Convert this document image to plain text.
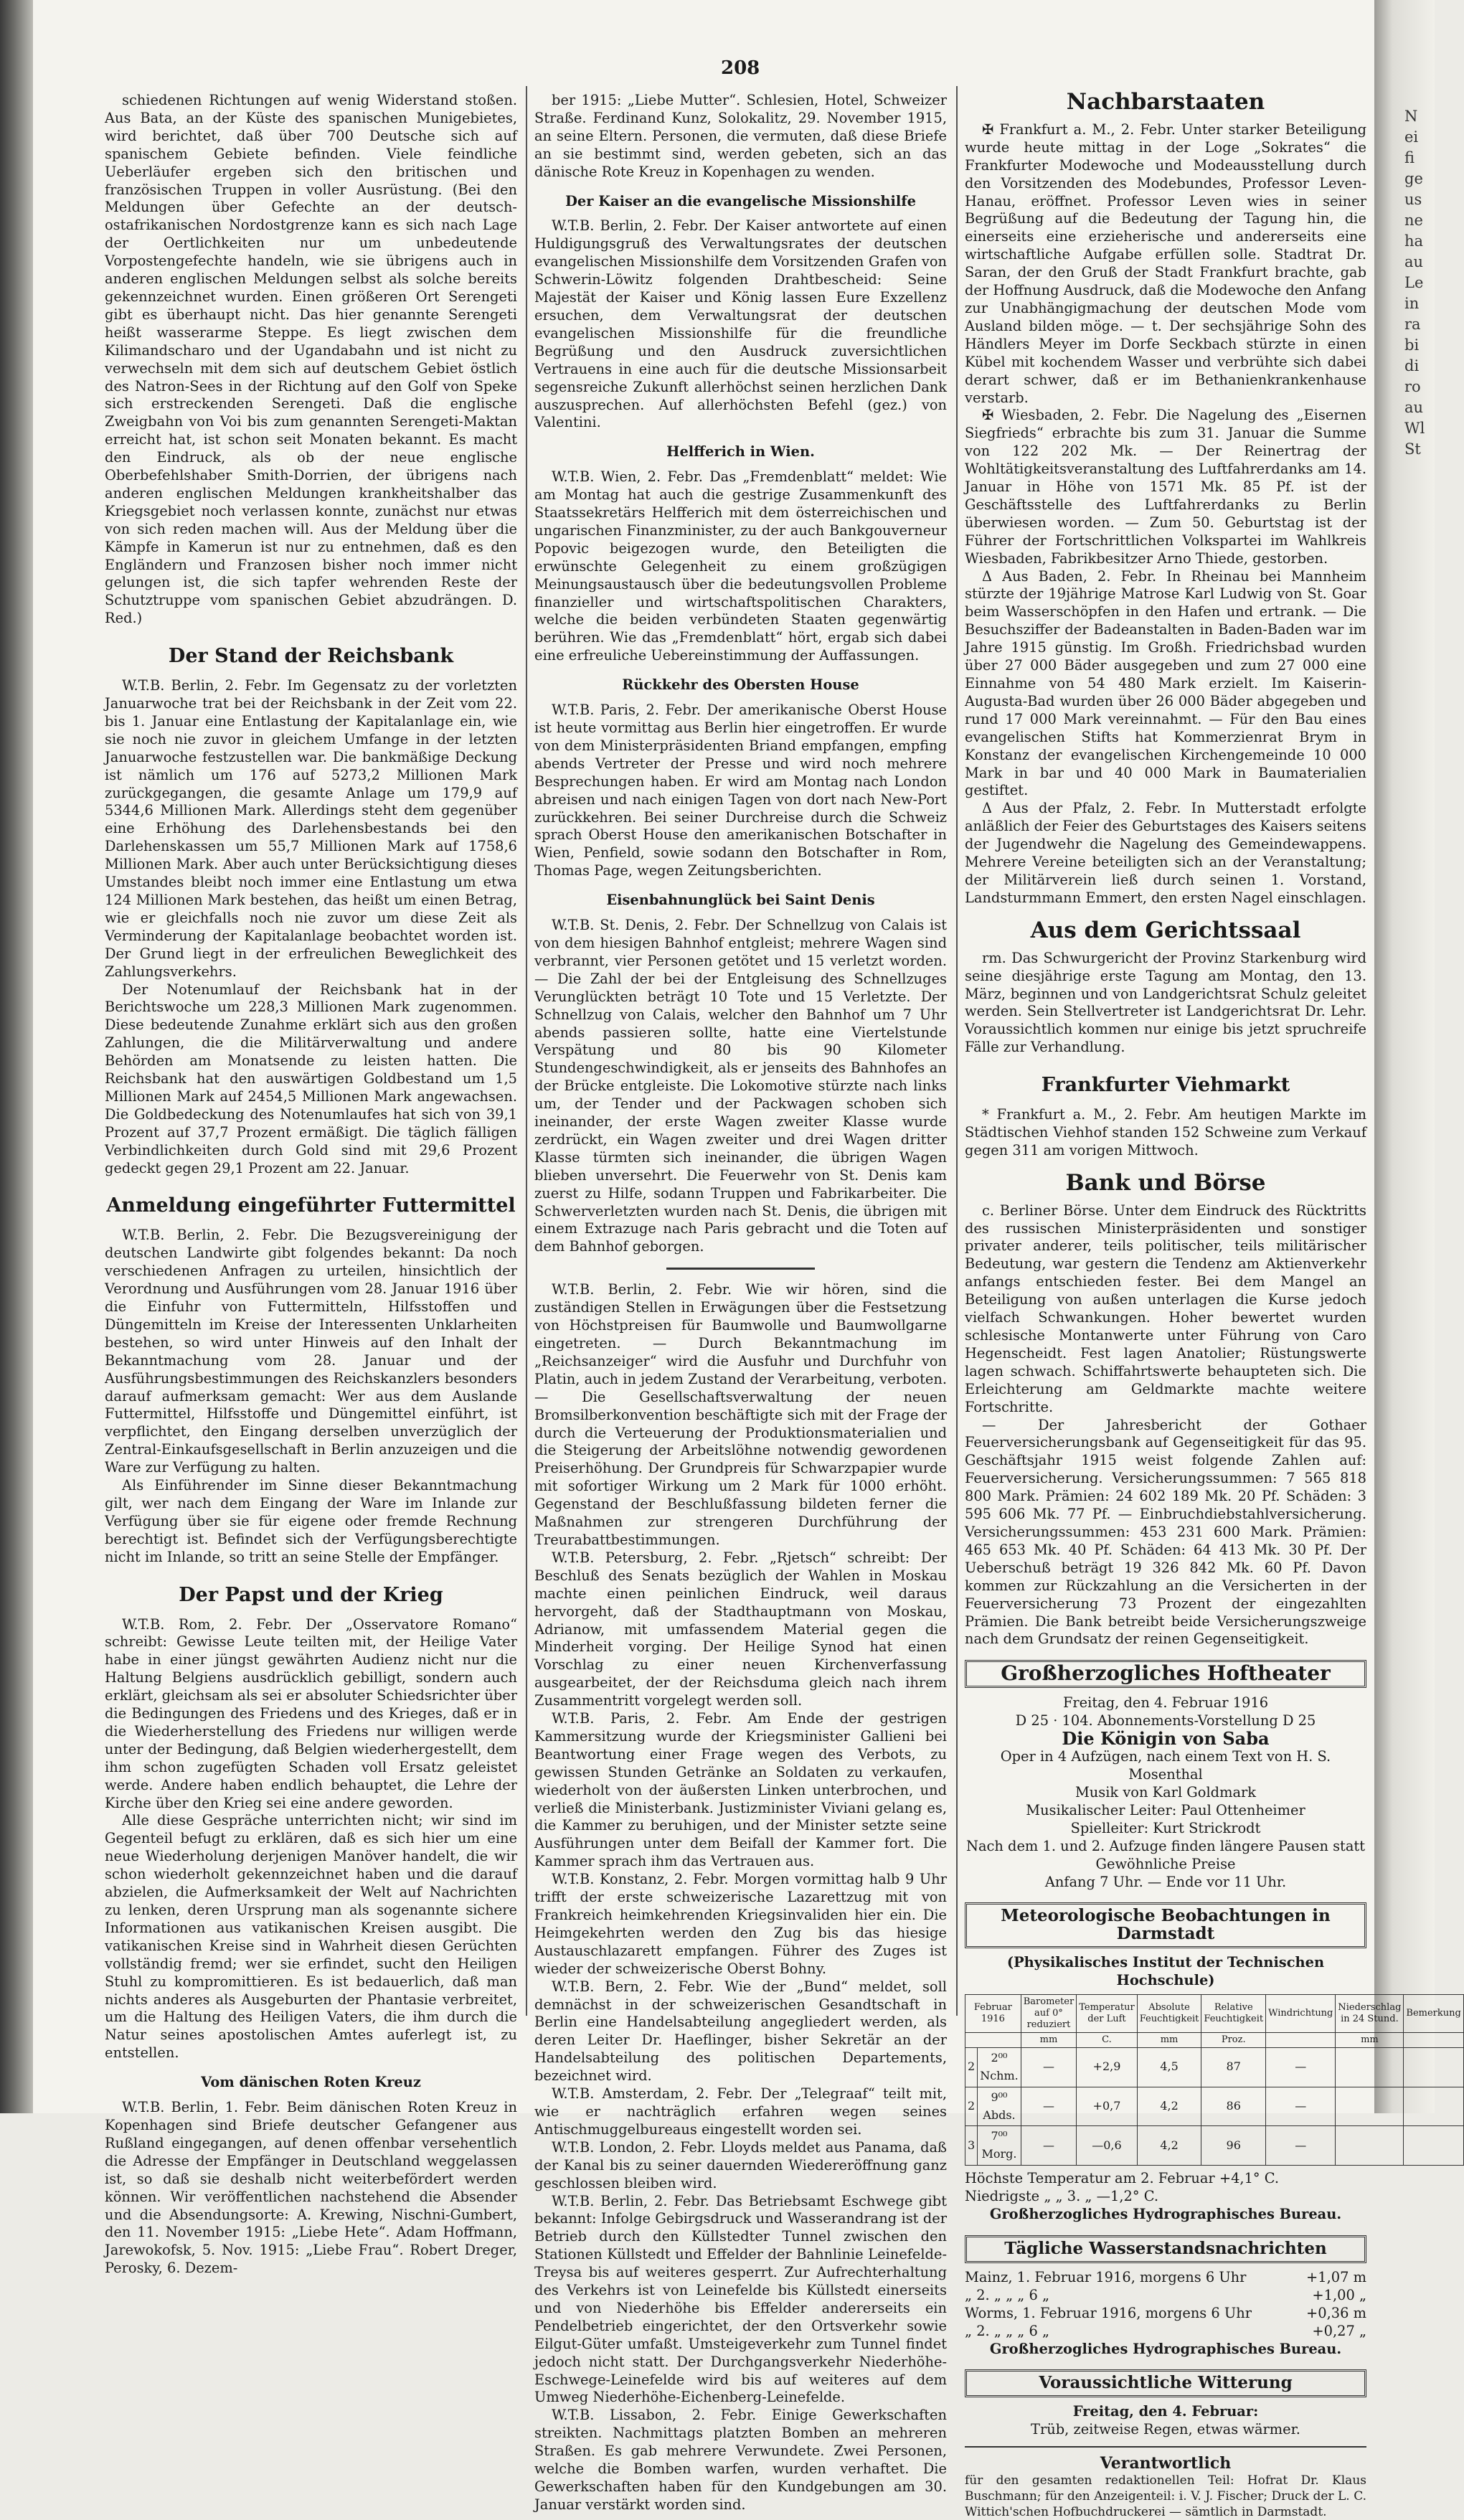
N
ei
fi
ge
us
ne
ha
au
Le
in
ra
bi
di
ro
au
Wl
St
208

schiedenen Richtungen auf wenig Widerstand stoßen. Aus Bata, an der Küste des spanischen Munigebietes, wird berichtet, daß über 700 Deutsche sich auf spanischem Gebiete befinden. Viele feindliche Ueberläufer ergeben sich den britischen und französischen Truppen in voller Ausrüstung. (Bei den Meldungen über Gefechte an der deutsch-ostafrikanischen Nordostgrenze kann es sich nach Lage der Oertlichkeiten nur um unbedeutende Vorpostengefechte handeln, wie sie übrigens auch in anderen englischen Meldungen selbst als solche bereits gekennzeichnet wurden. Einen größeren Ort Serengeti gibt es überhaupt nicht. Das hier genannte Serengeti heißt wasserarme Steppe. Es liegt zwischen dem Kilimandscharo und der Ugandabahn und ist nicht zu verwechseln mit dem sich auf deutschem Gebiet östlich des Natron-Sees in der Richtung auf den Golf von Speke sich erstreckenden Serengeti. Daß die englische Zweigbahn von Voi bis zum genannten Serengeti-Maktan erreicht hat, ist schon seit Monaten bekannt. Es macht den Eindruck, als ob der neue englische Oberbefehlshaber Smith-Dorrien, der übrigens nach anderen englischen Meldungen krankheitshalber das Kriegsgebiet noch verlassen konnte, zunächst nur etwas von sich reden machen will. Aus der Meldung über die Kämpfe in Kamerun ist nur zu entnehmen, daß es den Engländern und Franzosen bisher noch immer nicht gelungen ist, die sich tapfer wehrenden Reste der Schutztruppe vom spanischen Gebiet abzudrängen. D. Red.)

Der Stand der Reichsbank

W.T.B. Berlin, 2. Febr. Im Gegensatz zu der vorletzten Januarwoche trat bei der Reichsbank in der Zeit vom 22. bis 1. Januar eine Entlastung der Kapitalanlage ein, wie sie noch nie zuvor in gleichem Umfange in der letzten Januarwoche festzustellen war. Die bankmäßige Deckung ist nämlich um 176 auf 5273,2 Millionen Mark zurückgegangen, die gesamte Anlage um 179,9 auf 5344,6 Millionen Mark. Allerdings steht dem gegenüber eine Erhöhung des Darlehensbestands bei den Darlehenskassen um 55,7 Millionen Mark auf 1758,6 Millionen Mark. Aber auch unter Berücksichtigung dieses Umstandes bleibt noch immer eine Entlastung um etwa 124 Millionen Mark bestehen, das heißt um einen Betrag, wie er gleichfalls noch nie zuvor um diese Zeit als Verminderung der Kapitalanlage beobachtet worden ist. Der Grund liegt in der erfreulichen Beweglichkeit des Zahlungsverkehrs.

Der Notenumlauf der Reichsbank hat in der Berichtswoche um 228,3 Millionen Mark zugenommen. Diese bedeutende Zunahme erklärt sich aus den großen Zahlungen, die die Militärverwaltung und andere Behörden am Monatsende zu leisten hatten. Die Reichsbank hat den auswärtigen Goldbestand um 1,5 Millionen Mark auf 2454,5 Millionen Mark angewachsen. Die Goldbedeckung des Notenumlaufes hat sich von 39,1 Prozent auf 37,7 Prozent ermäßigt. Die täglich fälligen Verbindlichkeiten durch Gold sind mit 29,6 Prozent gedeckt gegen 29,1 Prozent am 22. Januar.

Anmeldung eingeführter Futtermittel

W.T.B. Berlin, 2. Febr. Die Bezugsvereinigung der deutschen Landwirte gibt folgendes bekannt: Da noch verschiedenen Anfragen zu urteilen, hinsichtlich der Verordnung und Ausführungen vom 28. Januar 1916 über die Einfuhr von Futtermitteln, Hilfsstoffen und Düngemitteln im Kreise der Interessenten Unklarheiten bestehen, so wird unter Hinweis auf den Inhalt der Bekanntmachung vom 28. Januar und der Ausführungsbestimmungen des Reichskanzlers besonders darauf aufmerksam gemacht: Wer aus dem Auslande Futtermittel, Hilfsstoffe und Düngemittel einführt, ist verpflichtet, den Eingang derselben unverzüglich der Zentral-Einkaufsgesellschaft in Berlin anzuzeigen und die Ware zur Verfügung zu halten.

Als Einführender im Sinne dieser Bekanntmachung gilt, wer nach dem Eingang der Ware im Inlande zur Verfügung über sie für eigene oder fremde Rechnung berechtigt ist. Befindet sich der Verfügungsberechtigte nicht im Inlande, so tritt an seine Stelle der Empfänger.

Der Papst und der Krieg

W.T.B. Rom, 2. Febr. Der „Osservatore Romano“ schreibt: Gewisse Leute teilten mit, der Heilige Vater habe in einer jüngst gewährten Audienz nicht nur die Haltung Belgiens ausdrücklich gebilligt, sondern auch erklärt, gleichsam als sei er absoluter Schiedsrichter über die Bedingungen des Friedens und des Krieges, daß er in die Wiederherstellung des Friedens nur willigen werde unter der Bedingung, daß Belgien wiederhergestellt, dem ihm schon zugefügten Schaden voll Ersatz geleistet werde. Andere haben endlich behauptet, die Lehre der Kirche über den Krieg sei eine andere geworden.

Alle diese Gespräche unterrichten nicht; wir sind im Gegenteil befugt zu erklären, daß es sich hier um eine neue Wiederholung derjenigen Manöver handelt, die wir schon wiederholt gekennzeichnet haben und die darauf abzielen, die Aufmerksamkeit der Welt auf Nachrichten zu lenken, deren Ursprung man als sogenannte sichere Informationen aus vatikanischen Kreisen ausgibt. Die vatikanischen Kreise sind in Wahrheit diesen Gerüchten vollständig fremd; wer sie erfindet, sucht den Heiligen Stuhl zu kompromittieren. Es ist bedauerlich, daß man nichts anderes als Ausgeburten der Phantasie verbreitet, um die Haltung des Heiligen Vaters, die ihm durch die Natur seines apostolischen Amtes auferlegt ist, zu entstellen.

Vom dänischen Roten Kreuz

W.T.B. Berlin, 1. Febr. Beim dänischen Roten Kreuz in Kopenhagen sind Briefe deutscher Gefangener aus Rußland eingegangen, auf denen offenbar versehentlich die Adresse der Empfänger in Deutschland weggelassen ist, so daß sie deshalb nicht weiterbefördert werden können. Wir veröffentlichen nachstehend die Absender und die Absendungsorte: A. Krewing, Nischni-Gumbert, den 11. November 1915: „Liebe Hete“. Adam Hoffmann, Jarewokofsk, 5. Nov. 1915: „Liebe Frau“. Robert Dreger, Perosky, 6. Dezem-

ber 1915: „Liebe Mutter“. Schlesien, Hotel, Schweizer Straße. Ferdinand Kunz, Solokalitz, 29. November 1915, an seine Eltern. Personen, die vermuten, daß diese Briefe an sie bestimmt sind, werden gebeten, sich an das dänische Rote Kreuz in Kopenhagen zu wenden.

Der Kaiser an die evangelische Missionshilfe

W.T.B. Berlin, 2. Febr. Der Kaiser antwortete auf einen Huldigungsgruß des Verwaltungsrates der deutschen evangelischen Missionshilfe dem Vorsitzenden Grafen von Schwerin-Löwitz folgenden Drahtbescheid: Seine Majestät der Kaiser und König lassen Eure Exzellenz ersuchen, dem Verwaltungsrat der deutschen evangelischen Missionshilfe für die freundliche Begrüßung und den Ausdruck zuversichtlichen Vertrauens in eine auch für die deutsche Missionsarbeit segensreiche Zukunft allerhöchst seinen herzlichen Dank auszusprechen. Auf allerhöchsten Befehl (gez.) von Valentini.

Helfferich in Wien.

W.T.B. Wien, 2. Febr. Das „Fremdenblatt“ meldet: Wie am Montag hat auch die gestrige Zusammenkunft des Staatssekretärs Helfferich mit dem österreichischen und ungarischen Finanzminister, zu der auch Bankgouverneur Popovic beigezogen wurde, den Beteiligten die erwünschte Gelegenheit zu einem großzügigen Meinungsaustausch über die bedeutungsvollen Probleme finanzieller und wirtschaftspolitischen Charakters, welche die beiden verbündeten Staaten gegenwärtig berühren. Wie das „Fremdenblatt“ hört, ergab sich dabei eine erfreuliche Uebereinstimmung der Auffassungen.

Rückkehr des Obersten House

W.T.B. Paris, 2. Febr. Der amerikanische Oberst House ist heute vormittag aus Berlin hier eingetroffen. Er wurde von dem Ministerpräsidenten Briand empfangen, empfing abends Vertreter der Presse und wird noch mehrere Besprechungen haben. Er wird am Montag nach London abreisen und nach einigen Tagen von dort nach New-Port zurückkehren. Bei seiner Durchreise durch die Schweiz sprach Oberst House den amerikanischen Botschafter in Wien, Penfield, sowie sodann den Botschafter in Rom, Thomas Page, wegen Zeitungsberichten.

Eisenbahnunglück bei Saint Denis

W.T.B. St. Denis, 2. Febr. Der Schnellzug von Calais ist von dem hiesigen Bahnhof entgleist; mehrere Wagen sind verbrannt, vier Personen getötet und 15 verletzt worden. — Die Zahl der bei der Entgleisung des Schnellzuges Verunglückten beträgt 10 Tote und 15 Verletzte. Der Schnellzug von Calais, welcher den Bahnhof um 7 Uhr abends passieren sollte, hatte eine Viertelstunde Verspätung und 80 bis 90 Kilometer Stundengeschwindigkeit, als er jenseits des Bahnhofes an der Brücke entgleiste. Die Lokomotive stürzte nach links um, der Tender und der Packwagen schoben sich ineinander, der erste Wagen zweiter Klasse wurde zerdrückt, ein Wagen zweiter und drei Wagen dritter Klasse türmten sich ineinander, die übrigen Wagen blieben unversehrt. Die Feuerwehr von St. Denis kam zuerst zu Hilfe, sodann Truppen und Fabrikarbeiter. Die Schwerverletzten wurden nach St. Denis, die übrigen mit einem Extrazuge nach Paris gebracht und die Toten auf dem Bahnhof geborgen.

W.T.B. Berlin, 2. Febr. Wie wir hören, sind die zuständigen Stellen in Erwägungen über die Festsetzung von Höchstpreisen für Baumwolle und Baumwollgarne eingetreten. — Durch Bekanntmachung im „Reichsanzeiger“ wird die Ausfuhr und Durchfuhr von Platin, auch in jedem Zustand der Verarbeitung, verboten. — Die Gesellschaftsverwaltung der neuen Bromsilberkonvention beschäftigte sich mit der Frage der durch die Verteuerung der Produktionsmaterialien und die Steigerung der Arbeitslöhne notwendig gewordenen Preiserhöhung. Der Grundpreis für Schwarzpapier wurde mit sofortiger Wirkung um 2 Mark für 1000 erhöht. Gegenstand der Beschlußfassung bildeten ferner die Maßnahmen zur strengeren Durchführung der Treurabattbestimmungen.

W.T.B. Petersburg, 2. Febr. „Rjetsch“ schreibt: Der Beschluß des Senats bezüglich der Wahlen in Moskau machte einen peinlichen Eindruck, weil daraus hervorgeht, daß der Stadthauptmann von Moskau, Adrianow, mit umfassendem Material gegen die Minderheit vorging. Der Heilige Synod hat einen Vorschlag zu einer neuen Kirchenverfassung ausgearbeitet, der der Reichsduma gleich nach ihrem Zusammentritt vorgelegt werden soll.

W.T.B. Paris, 2. Febr. Am Ende der gestrigen Kammersitzung wurde der Kriegsminister Gallieni bei Beantwortung einer Frage wegen des Verbots, zu gewissen Stunden Getränke an Soldaten zu verkaufen, wiederholt von der äußersten Linken unterbrochen, und verließ die Ministerbank. Justizminister Viviani gelang es, die Kammer zu beruhigen, und der Minister setzte seine Ausführungen unter dem Beifall der Kammer fort. Die Kammer sprach ihm das Vertrauen aus.

W.T.B. Konstanz, 2. Febr. Morgen vormittag halb 9 Uhr trifft der erste schweizerische Lazarettzug mit von Frankreich heimkehrenden Kriegsinvaliden hier ein. Die Heimgekehrten werden den Zug bis das hiesige Austauschlazarett empfangen. Führer des Zuges ist wieder der schweizerische Oberst Bohny.

W.T.B. Bern, 2. Febr. Wie der „Bund“ meldet, soll demnächst in der schweizerischen Gesandtschaft in Berlin eine Handelsabteilung angegliedert werden, als deren Leiter Dr. Haeflinger, bisher Sekretär an der Handelsabteilung des politischen Departements, bezeichnet wird.

W.T.B. Amsterdam, 2. Febr. Der „Telegraaf“ teilt mit, wie er nachträglich erfahren wegen seines Antischmuggelbureaus eingestellt worden sei.

W.T.B. London, 2. Febr. Lloyds meldet aus Panama, daß der Kanal bis zu seiner dauernden Wiedereröffnung ganz geschlossen bleiben wird.

W.T.B. Berlin, 2. Febr. Das Betriebsamt Eschwege gibt bekannt: Infolge Gebirgsdruck und Wasserandrang ist der Betrieb durch den Küllstedter Tunnel zwischen den Stationen Küllstedt und Effelder der Bahnlinie Leinefelde-Treysa bis auf weiteres gesperrt. Zur Aufrechterhaltung des Verkehrs ist von Leinefelde bis Küllstedt einerseits und von Niederhöhe bis Effelder andererseits ein Pendelbetrieb eingerichtet, der den Ortsverkehr sowie Eilgut-Güter umfaßt. Umsteigeverkehr zum Tunnel findet jedoch nicht statt. Der Durchgangsverkehr Niederhöhe-Eschwege-Leinefelde wird bis auf weiteres auf dem Umweg Niederhöhe-Eichenberg-Leinefelde.

W.T.B. Lissabon, 2. Febr. Einige Gewerkschaften streikten. Nachmittags platzten Bomben an mehreren Straßen. Es gab mehrere Verwundete. Zwei Personen, welche die Bomben warfen, wurden verhaftet. Die Gewerkschaften haben für den Kundgebungen am 30. Januar verstärkt worden sind.

Nachbarstaaten

✠ Frankfurt a. M., 2. Febr. Unter starker Beteiligung wurde heute mittag in der Loge „Sokrates“ die Frankfurter Modewoche und Modeausstellung durch den Vorsitzenden des Modebundes, Professor Leven-Hanau, eröffnet. Professor Leven wies in seiner Begrüßung auf die Bedeutung der Tagung hin, die einerseits eine erzieherische und andererseits eine wirtschaftliche Aufgabe erfüllen solle. Stadtrat Dr. Saran, der den Gruß der Stadt Frankfurt brachte, gab der Hoffnung Ausdruck, daß die Modewoche den Anfang zur Unabhängigmachung der deutschen Mode vom Ausland bilden möge. — t. Der sechsjährige Sohn des Händlers Meyer im Dorfe Seckbach stürzte in einen Kübel mit kochendem Wasser und verbrühte sich dabei derart schwer, daß er im Bethanienkrankenhause verstarb.

✠ Wiesbaden, 2. Febr. Die Nagelung des „Eisernen Siegfrieds“ erbrachte bis zum 31. Januar die Summe von 122 202 Mk. — Der Reinertrag der Wohltätigkeitsveranstaltung des Luftfahrerdanks am 14. Januar in Höhe von 1571 Mk. 85 Pf. ist der Geschäftsstelle des Luftfahrerdanks zu Berlin überwiesen worden. — Zum 50. Geburtstag ist der Führer der Fortschrittlichen Volkspartei im Wahlkreis Wiesbaden, Fabrikbesitzer Arno Thiede, gestorben.

Δ Aus Baden, 2. Febr. In Rheinau bei Mannheim stürzte der 19jährige Matrose Karl Ludwig von St. Goar beim Wasserschöpfen in den Hafen und ertrank. — Die Besuchsziffer der Badeanstalten in Baden-Baden war im Jahre 1915 günstig. Im Großh. Friedrichsbad wurden über 27 000 Bäder ausgegeben und zum 27 000 eine Einnahme von 54 480 Mark erzielt. Im Kaiserin-Augusta-Bad wurden über 26 000 Bäder abgegeben und rund 17 000 Mark vereinnahmt. — Für den Bau eines evangelischen Stifts hat Kommerzienrat Brym in Konstanz der evangelischen Kirchengemeinde 10 000 Mark in bar und 40 000 Mark in Baumaterialien gestiftet.

Δ Aus der Pfalz, 2. Febr. In Mutterstadt erfolgte anläßlich der Feier des Geburtstages des Kaisers seitens der Jugendwehr die Nagelung des Gemeindewappens. Mehrere Vereine beteiligten sich an der Veranstaltung; der Militärverein ließ durch seinen 1. Vorstand, Landsturmmann Emmert, den ersten Nagel einschlagen.

Aus dem Gerichtssaal

rm. Das Schwurgericht der Provinz Starkenburg wird seine diesjährige erste Tagung am Montag, den 13. März, beginnen und von Landgerichtsrat Schulz geleitet werden. Sein Stellvertreter ist Landgerichtsrat Dr. Lehr. Voraussichtlich kommen nur einige bis jetzt spruchreife Fälle zur Verhandlung.

Frankfurter Viehmarkt

* Frankfurt a. M., 2. Febr. Am heutigen Markte im Städtischen Viehhof standen 152 Schweine zum Verkauf gegen 311 am vorigen Mittwoch.

Bank und Börse

c. Berliner Börse. Unter dem Eindruck des Rücktritts des russischen Ministerpräsidenten und sonstiger privater anderer, teils politischer, teils militärischer Bedeutung, war gestern die Tendenz am Aktienverkehr anfangs entschieden fester. Bei dem Mangel an Beteiligung von außen unterlagen die Kurse jedoch vielfach Schwankungen. Hoher bewertet wurden schlesische Montanwerte unter Führung von Caro Hegenscheidt. Fest lagen Anatolier; Rüstungswerte lagen schwach. Schiffahrtswerte behaupteten sich. Die Erleichterung am Geldmarkte machte weitere Fortschritte.

— Der Jahresbericht der Gothaer Feuerversicherungsbank auf Gegenseitigkeit für das 95. Geschäftsjahr 1915 weist folgende Zahlen auf: Feuerversicherung. Versicherungssummen: 7 565 818 800 Mark. Prämien: 24 602 189 Mk. 20 Pf. Schäden: 3 595 606 Mk. 77 Pf. — Einbruchdiebstahlversicherung. Versicherungssummen: 453 231 600 Mark. Prämien: 465 653 Mk. 40 Pf. Schäden: 64 413 Mk. 30 Pf. Der Ueberschuß beträgt 19 326 842 Mk. 60 Pf. Davon kommen zur Rückzahlung an die Versicherten in der Feuerversicherung 73 Prozent der eingezahlten Prämien. Die Bank betreibt beide Versicherungszweige nach dem Grundsatz der reinen Gegenseitigkeit.

Großherzogliches Hoftheater
Freitag, den 4. Februar 1916
D 25 · 104. Abonnements-Vorstellung D 25
Die Königin von Saba
Oper in 4 Aufzügen, nach einem Text von H. S. Mosenthal
Musik von Karl Goldmark
Musikalischer Leiter: Paul Ottenheimer
Spielleiter: Kurt Strickrodt
Nach dem 1. und 2. Aufzuge finden längere Pausen statt
Gewöhnliche Preise
Anfang 7 Uhr. — Ende vor 11 Uhr.
Meteorologische Beobachtungen in Darmstadt
(Physikalisches Institut der Technischen Hochschule)
Februar 1916		Barometer auf 0° reduziert	Temperatur der Luft	Absolute Feuchtigkeit	Relative Feuchtigkeit	Windrichtung	Niederschlag in 24 Stund.	Bemerkung
		mm	C.	mm	Proz.		mm	
2	2⁰⁰ Nchm.	—	+2,9	4,5	87	—		
2	9⁰⁰ Abds.	—	+0,7	4,2	86	—		
3	7⁰⁰ Morg.	—	—0,6	4,2	96	—		
Höchste Temperatur am 2. Februar +4,1° C.
Niedrigste „ „ 3. „ —1,2° C.
Großherzogliches Hydrographisches Bureau.
Tägliche Wasserstandsnachrichten
Mainz, 1. Februar 1916, morgens 6 Uhr	+1,07 m
„ 2. „ „ „ 6 „	+1,00 „
Worms, 1. Februar 1916, morgens 6 Uhr	+0,36 m
„ 2. „ „ „ 6 „	+0,27 „
Großherzogliches Hydrographisches Bureau.
Voraussichtliche Witterung
Freitag, den 4. Februar:
Trüb, zeitweise Regen, etwas wärmer.
Verantwortlich
für den gesamten redaktionellen Teil: Hofrat Dr. Klaus Buschmann; für den Anzeigenteil: i. V. J. Fischer; Druck der L. C. Wittich'schen Hofbuchdruckerei — sämtlich in Darmstadt.
